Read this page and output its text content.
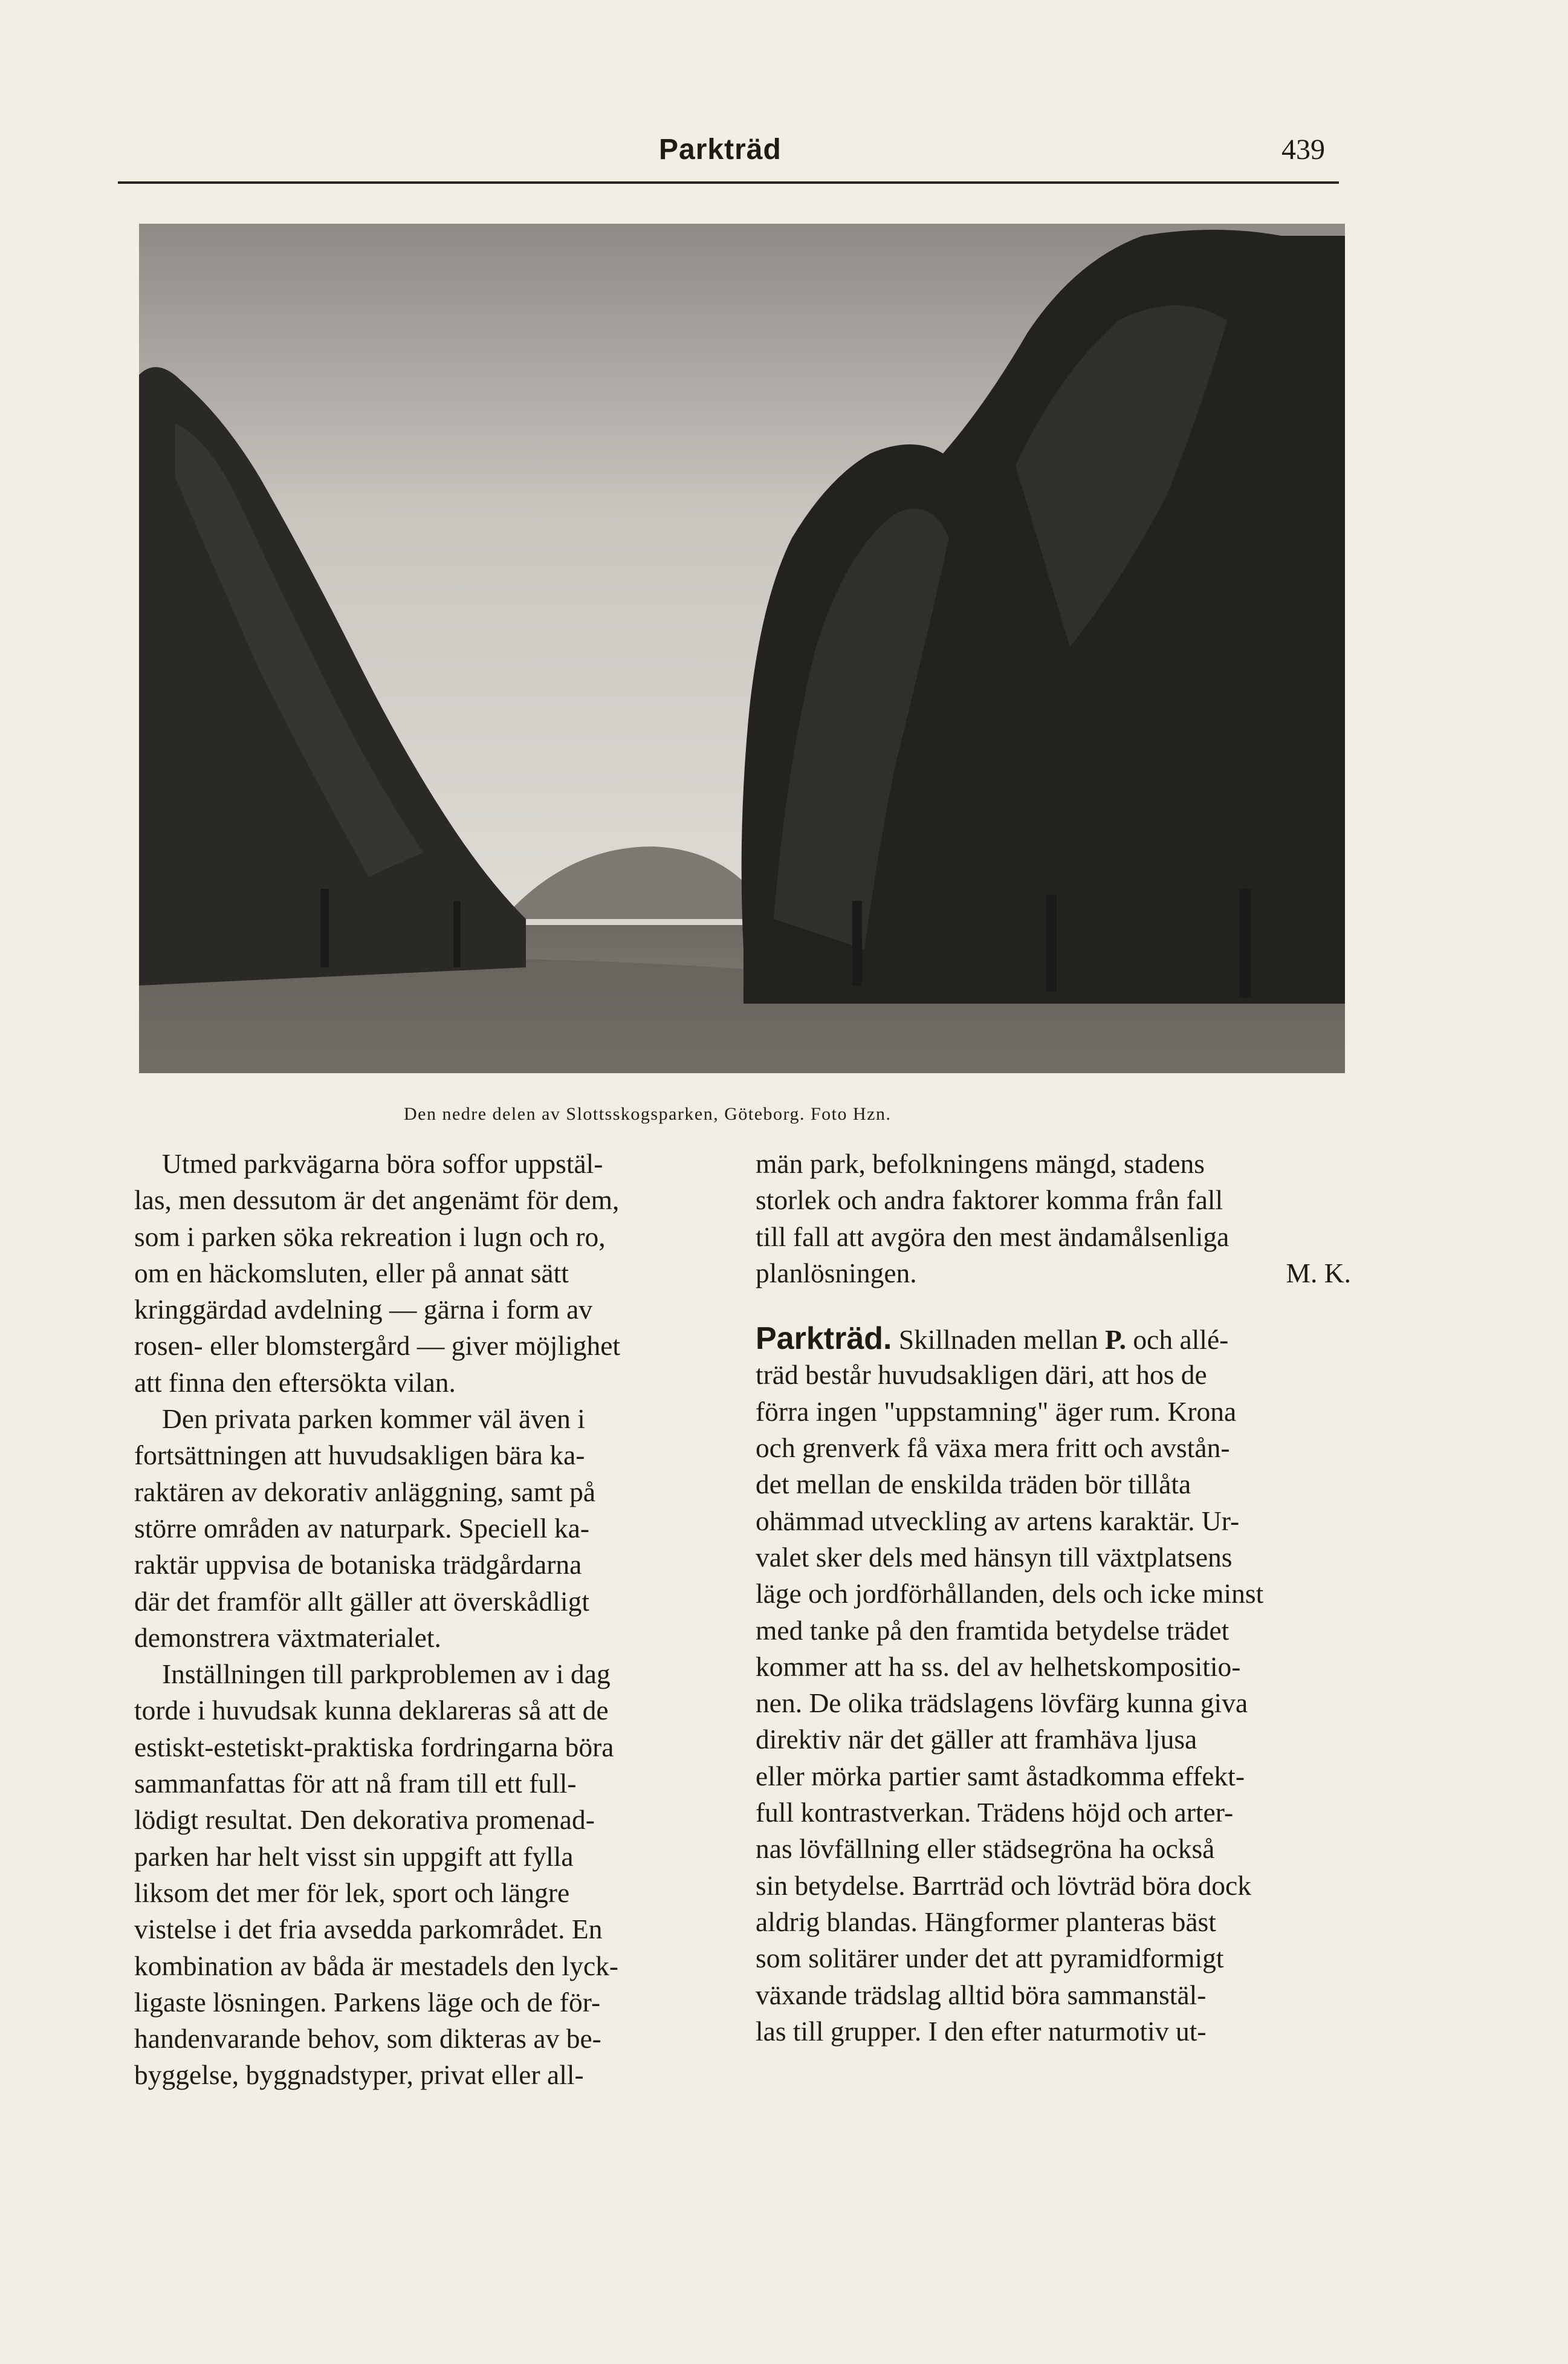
Parkträd	439
Den nedre delen av Slottsskogsparken, Göteborg. Foto Hzn.
Utmed parkvägarna böra soffor uppstäl-
las, men dessutom är det angenämt för dem,
som i parken söka rekreation i lugn och ro,
om en häckomsluten, eller på annat sätt
kringgärdad avdelning — gärna i form av
rosen- eller blomstergård — giver möjlighet
att finna den eftersökta vilan.
Den privata parken kommer väl även i
fortsättningen att huvudsakligen bära ka-
raktären av dekorativ anläggning, samt på
större områden av naturpark. Speciell ka-
raktär uppvisa de botaniska trädgårdarna
där det framför allt gäller att överskådligt
demonstrera växtmaterialet.
Inställningen till parkproblemen av i dag
torde i huvudsak kunna deklareras så att de
estiskt-estetiskt-praktiska fordringarna böra
sammanfattas för att nå fram till ett full-
lödigt resultat. Den dekorativa promenad-
parken har helt visst sin uppgift att fylla
liksom det mer för lek, sport och längre
vistelse i det fria avsedda parkområdet. En
kombination av båda är mestadels den lyck-
ligaste lösningen. Parkens läge och de för-
handenvarande behov, som dikteras av be-
byggelse, byggnadstyper, privat eller all-
män park, befolkningens mängd, stadens
storlek och andra faktorer komma från fall
till fall att avgöra den mest ändamålsenliga
planlösningen.	M. K.
Parkträd. Skillnaden mellan P. och allé-
träd består huvudsakligen däri, att hos de
förra ingen "uppstamning" äger rum. Krona
och grenverk få växa mera fritt och avstån-
det mellan de enskilda träden bör tillåta
ohämmad utveckling av artens karaktär. Ur-
valet sker dels med hänsyn till växtplatsens
läge och jordförhållanden, dels och icke minst
med tanke på den framtida betydelse trädet
kommer att ha ss. del av helhetskompositio-
nen. De olika trädslagens lövfärg kunna giva
direktiv när det gäller att framhäva ljusa
eller mörka partier samt åstadkomma effekt-
full kontrastverkan. Trädens höjd och arter-
nas lövfällning eller städsegröna ha också
sin betydelse. Barrträd och lövträd böra dock
aldrig blandas. Hängformer planteras bäst
som solitärer under det att pyramidformigt
växande trädslag alltid böra sammanstäl-
las till grupper. I den efter naturmotiv ut-
